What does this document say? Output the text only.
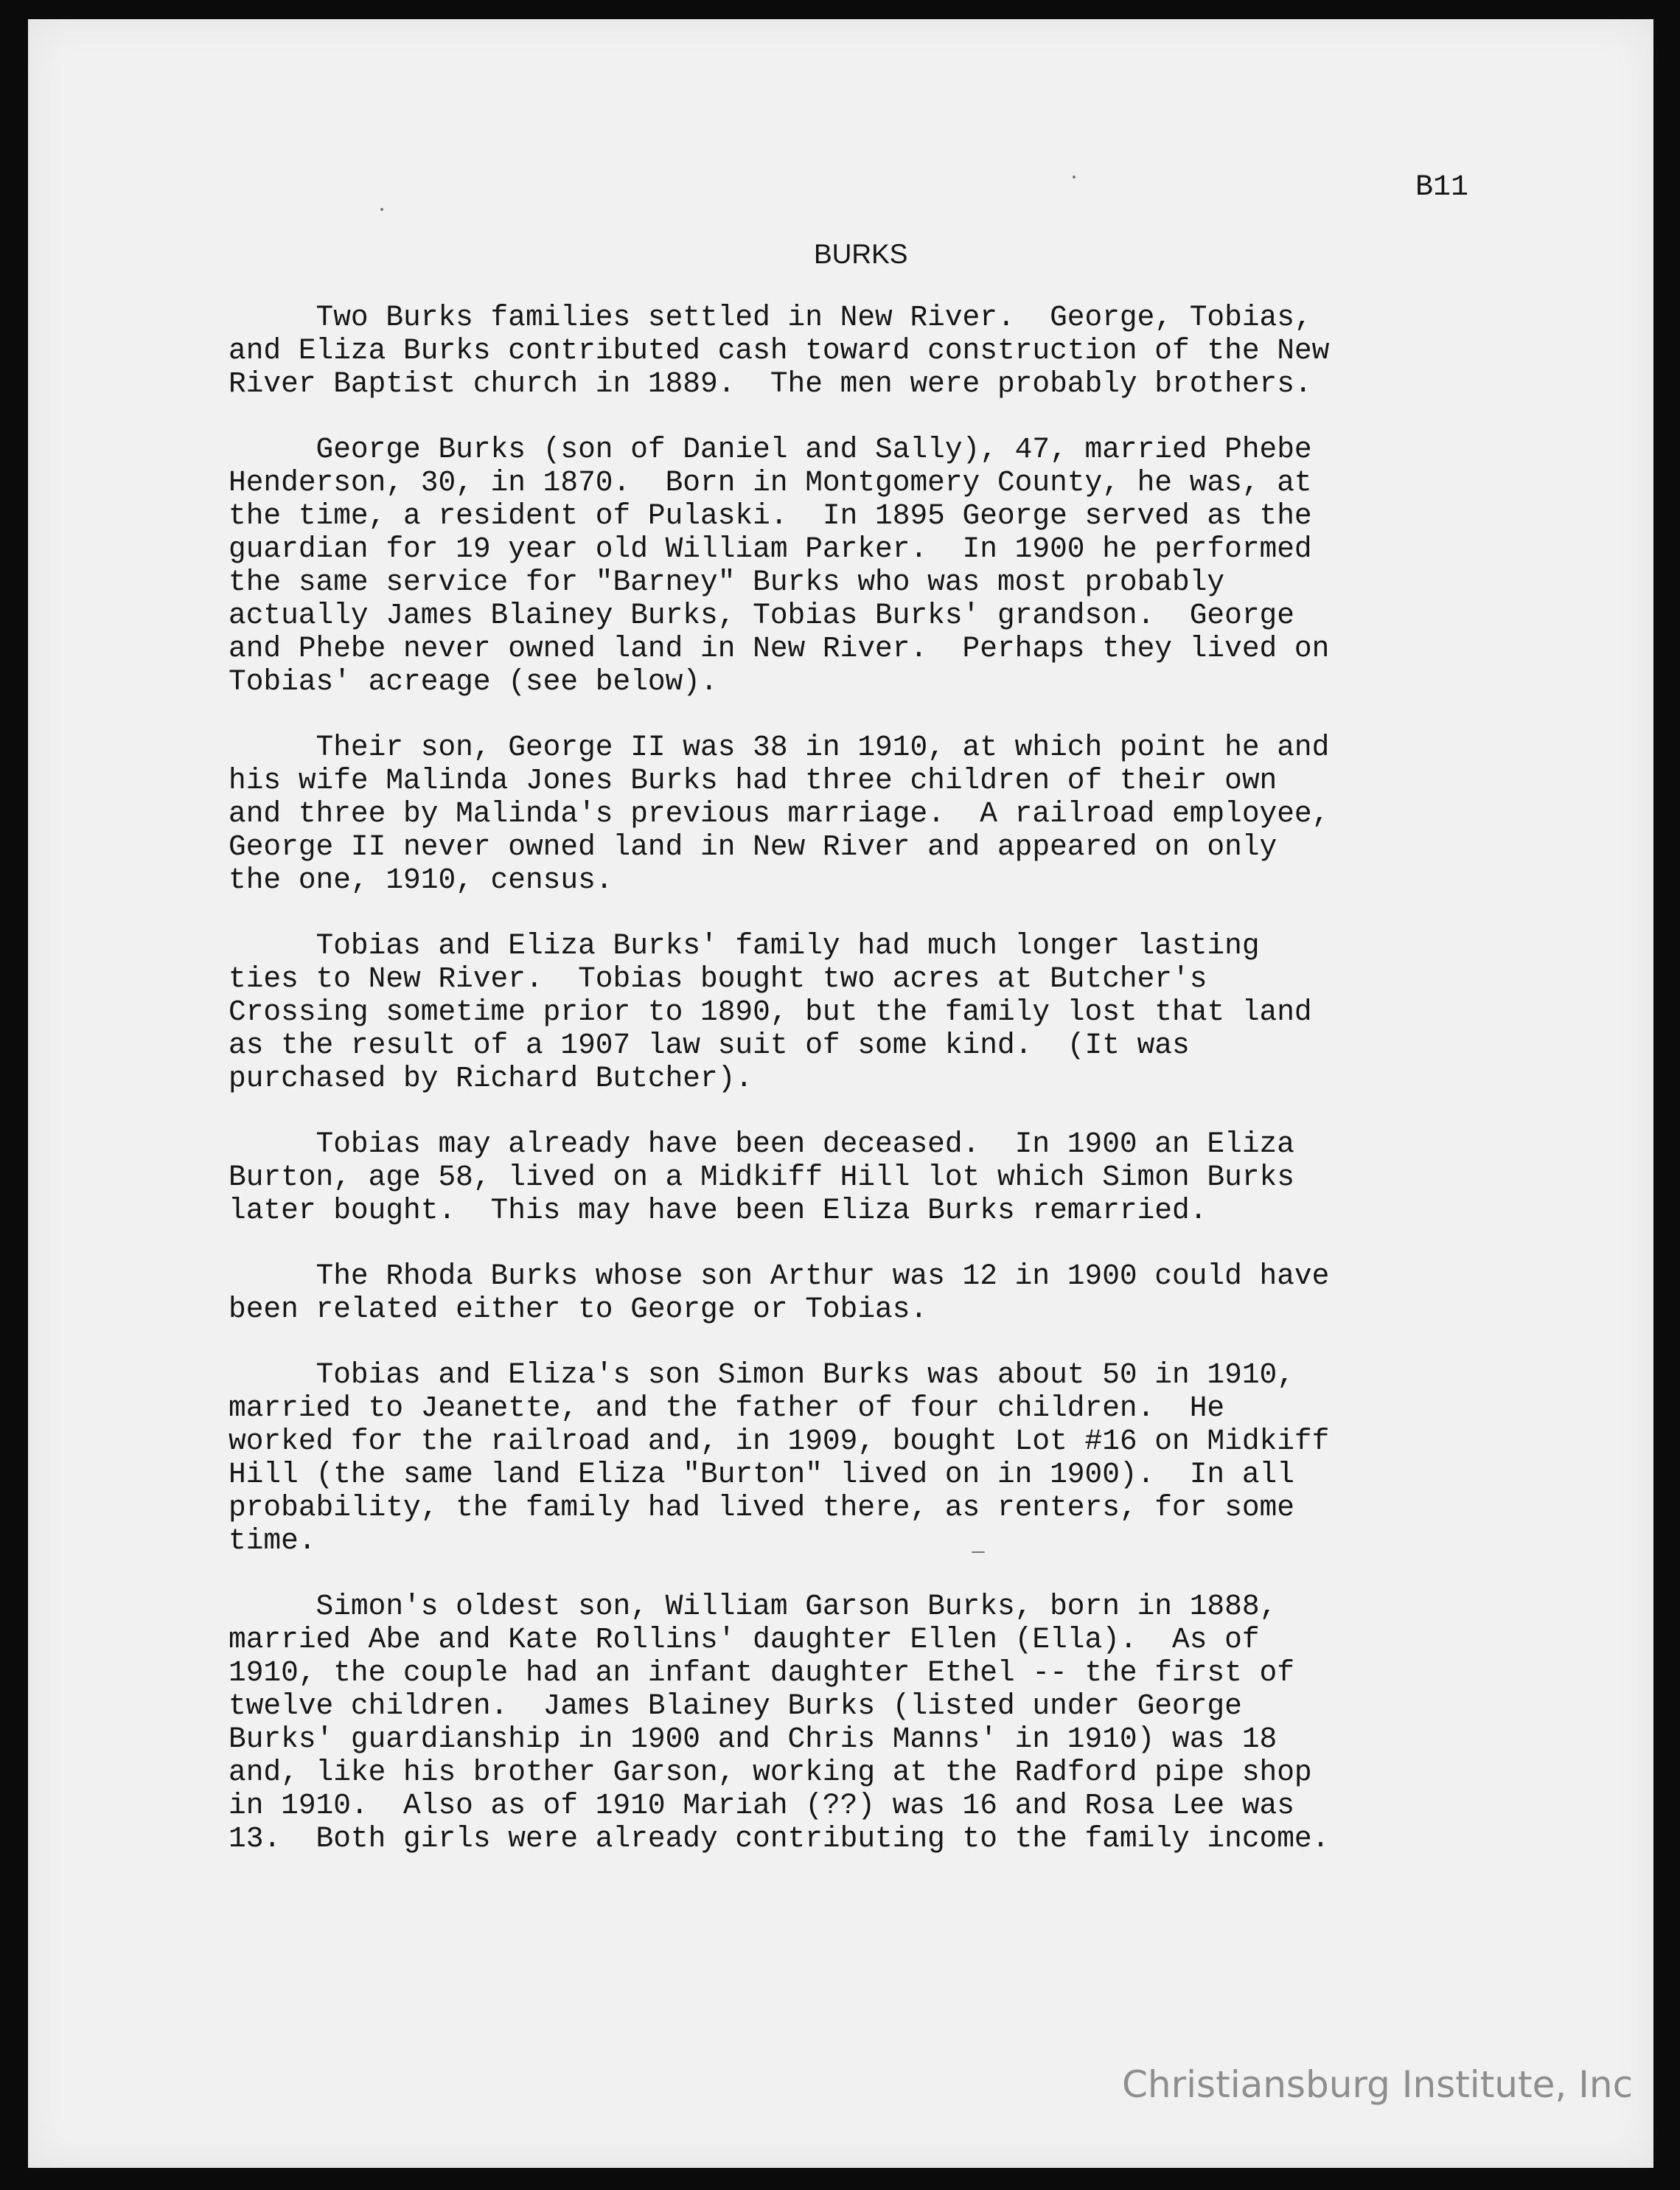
B11
BURKS
Two Burks families settled in New River.  George, Tobias,
and Eliza Burks contributed cash toward construction of the New
River Baptist church in 1889.  The men were probably brothers.
George Burks (son of Daniel and Sally), 47, married Phebe
Henderson, 30, in 1870.  Born in Montgomery County, he was, at
the time, a resident of Pulaski.  In 1895 George served as the
guardian for 19 year old William Parker.  In 1900 he performed
the same service for "Barney" Burks who was most probably
actually James Blainey Burks, Tobias Burks' grandson.  George
and Phebe never owned land in New River.  Perhaps they lived on
Tobias' acreage (see below).
Their son, George II was 38 in 1910, at which point he and
his wife Malinda Jones Burks had three children of their own
and three by Malinda's previous marriage.  A railroad employee,
George II never owned land in New River and appeared on only
the one, 1910, census.
Tobias and Eliza Burks' family had much longer lasting
ties to New River.  Tobias bought two acres at Butcher's
Crossing sometime prior to 1890, but the family lost that land
as the result of a 1907 law suit of some kind.  (It was
purchased by Richard Butcher).
Tobias may already have been deceased.  In 1900 an Eliza
Burton, age 58, lived on a Midkiff Hill lot which Simon Burks
later bought.  This may have been Eliza Burks remarried.
The Rhoda Burks whose son Arthur was 12 in 1900 could have
been related either to George or Tobias.
Tobias and Eliza's son Simon Burks was about 50 in 1910,
married to Jeanette, and the father of four children.  He
worked for the railroad and, in 1909, bought Lot #16 on Midkiff
Hill (the same land Eliza "Burton" lived on in 1900).  In all
probability, the family had lived there, as renters, for some
time.
Simon's oldest son, William Garson Burks, born in 1888,
married Abe and Kate Rollins' daughter Ellen (Ella).  As of
1910, the couple had an infant daughter Ethel -- the first of
twelve children.  James Blainey Burks (listed under George
Burks' guardianship in 1900 and Chris Manns' in 1910) was 18
and, like his brother Garson, working at the Radford pipe shop
in 1910.  Also as of 1910 Mariah (??) was 16 and Rosa Lee was
13.  Both girls were already contributing to the family income.
Christiansburg Institute, Inc
